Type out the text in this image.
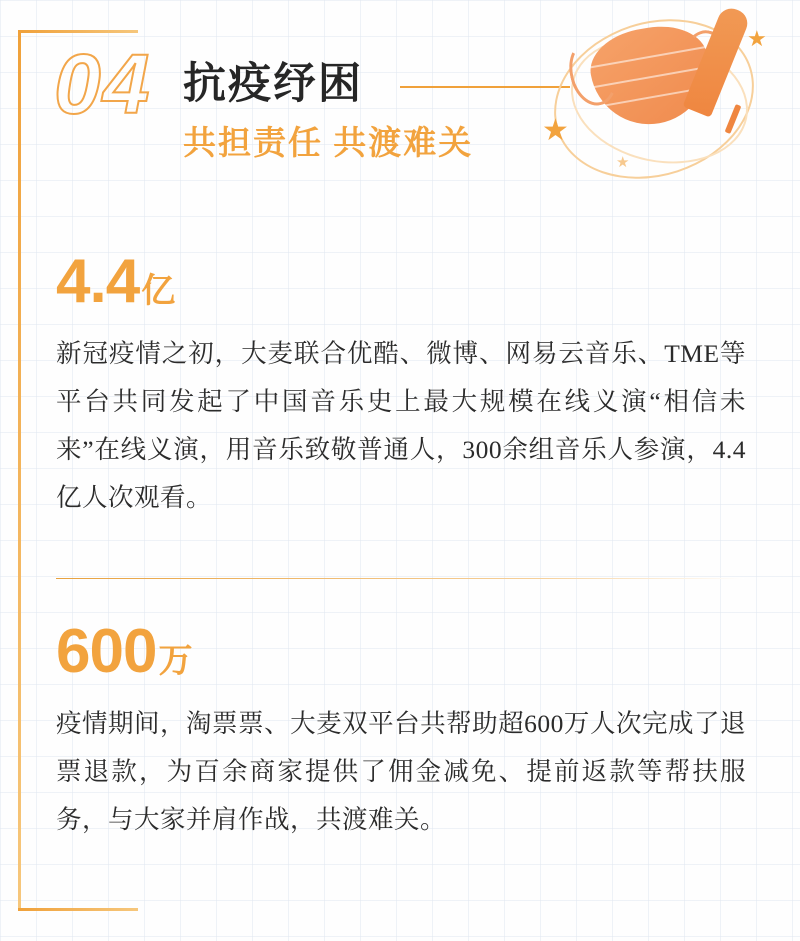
04 抗疫纾困
共担责任 共渡难关 ★
★
★
4.4亿
新冠疫情之初，大麦联合优酷、微博、网易云音乐、TME等平台共同发起了中国音乐史上最大规模在线义演“相信未来”在线义演，用音乐致敬普通人，300余组音乐人参演，4.4亿人次观看。
600万
疫情期间，淘票票、大麦双平台共帮助超600万人次完成了退票退款，为百余商家提供了佣金减免、提前返款等帮扶服务，与大家并肩作战，共渡难关。
